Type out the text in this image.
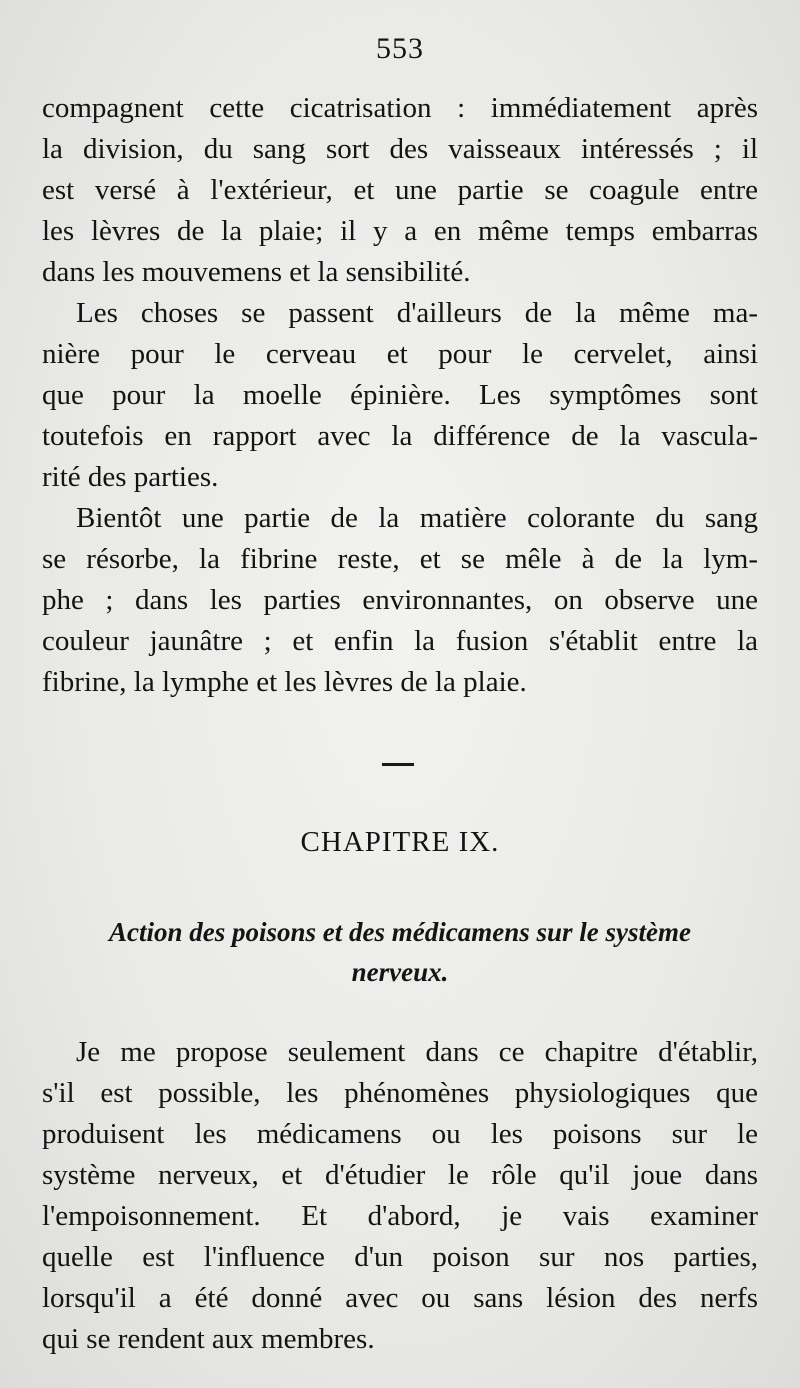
553
compagnent cette cicatrisation : immédiatement après
la division, du sang sort des vaisseaux intéressés ; il
est versé à l'extérieur, et une partie se coagule entre
les lèvres de la plaie; il y a en même temps embarras
dans les mouvemens et la sensibilité.
Les choses se passent d'ailleurs de la même ma-
nière pour le cerveau et pour le cervelet, ainsi
que pour la moelle épinière. Les symptômes sont
toutefois en rapport avec la différence de la vascula-
rité des parties.
Bientôt une partie de la matière colorante du sang
se résorbe, la fibrine reste, et se mêle à de la lym-
phe ; dans les parties environnantes, on observe une
couleur jaunâtre ; et enfin la fusion s'établit entre la
fibrine, la lymphe et les lèvres de la plaie.
CHAPITRE IX.
Action des poisons et des médicamens sur le système
nerveux.
Je me propose seulement dans ce chapitre d'établir,
s'il est possible, les phénomènes physiologiques que
produisent les médicamens ou les poisons sur le
système nerveux, et d'étudier le rôle qu'il joue dans
l'empoisonnement. Et d'abord, je vais examiner
quelle est l'influence d'un poison sur nos parties,
lorsqu'il a été donné avec ou sans lésion des nerfs
qui se rendent aux membres.
